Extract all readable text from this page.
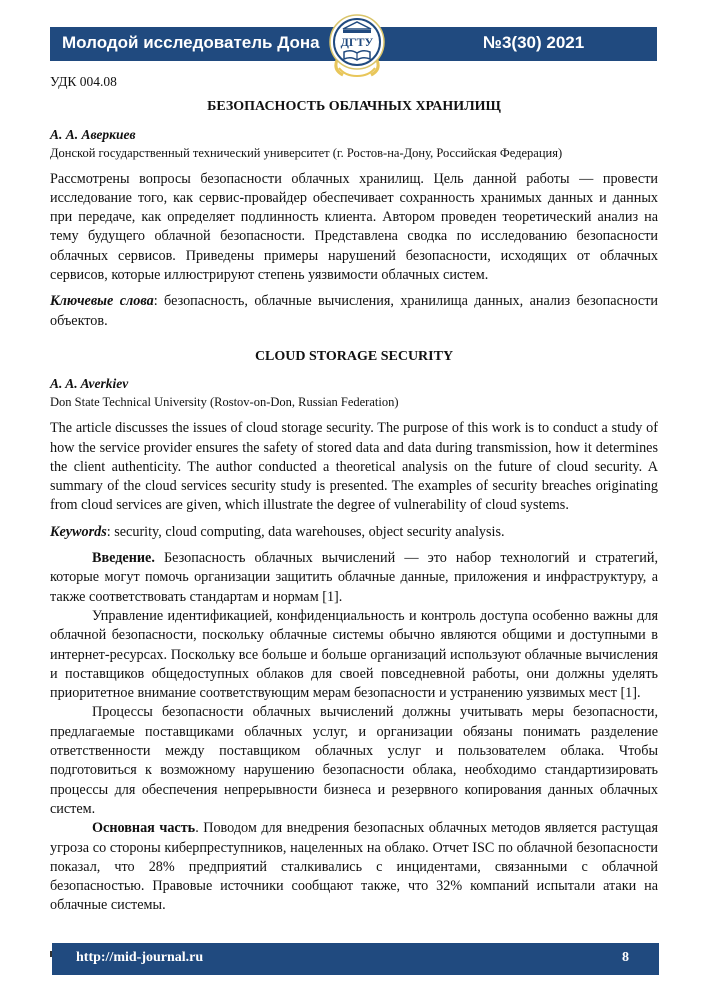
Молодой исследователь Дона	№3(30) 2021
ДГТУ

УДК 004.08

БЕЗОПАСНОСТЬ ОБЛАЧНЫХ ХРАНИЛИЩ

А. А. Аверкиев

Донской государственный технический университет (г. Ростов-на-Дону, Российская Федерация)

Рассмотрены вопросы безопасности облачных хранилищ. Цель данной работы — провести исследование того, как сервис-провайдер обеспечивает сохранность хранимых данных и данных при передаче, как определяет подлинность клиента. Автором проведен теоретический анализ на тему будущего облачной безопасности. Представлена сводка по исследованию безопасности облачных сервисов. Приведены примеры нарушений безопасности, исходящих от облачных сервисов, которые иллюстрируют степень уязвимости облачных систем.

Ключевые слова: безопасность, облачные вычисления, хранилища данных, анализ безопасности объектов.

CLOUD STORAGE SECURITY

A. A. Averkiev

Don State Technical University (Rostov-on-Don, Russian Federation)

The article discusses the issues of cloud storage security. The purpose of this work is to conduct a study of how the service provider ensures the safety of stored data and data during transmission, how it determines the client authenticity. The author conducted a theoretical analysis on the future of cloud security. A summary of the cloud services security study is presented. The examples of security breaches originating from cloud services are given, which illustrate the degree of vulnerability of cloud systems.

Keywords: security, cloud computing, data warehouses, object security analysis.

Введение. Безопасность облачных вычислений — это набор технологий и стратегий, которые могут помочь организации защитить облачные данные, приложения и инфраструктуру, а также соответствовать стандартам и нормам [1].

Управление идентификацией, конфиденциальность и контроль доступа особенно важны для облачной безопасности, поскольку облачные системы обычно являются общими и доступными в интернет-ресурсах. Поскольку все больше и больше организаций используют облачные вычисления и поставщиков общедоступных облаков для своей повседневной работы, они должны уделять приоритетное внимание соответствующим мерам безопасности и устранению уязвимых мест [1].

Процессы безопасности облачных вычислений должны учитывать меры безопасности, предлагаемые поставщиками облачных услуг, и организации обязаны понимать разделение ответственности между поставщиком облачных услуг и пользователем облака. Чтобы подготовиться к возможному нарушению безопасности облака, необходимо стандартизировать процессы для обеспечения непрерывности бизнеса и резервного копирования данных облачных систем.

Основная часть. Поводом для внедрения безопасных облачных методов является растущая угроза со стороны киберпреступников, нацеленных на облако. Отчет ISC по облачной безопасности показал, что 28% предприятий сталкивались с инцидентами, связанными с облачной безопасностью. Правовые источники сообщают также, что 32% компаний испытали атаки на облачные системы.

http://mid-journal.ru	8
